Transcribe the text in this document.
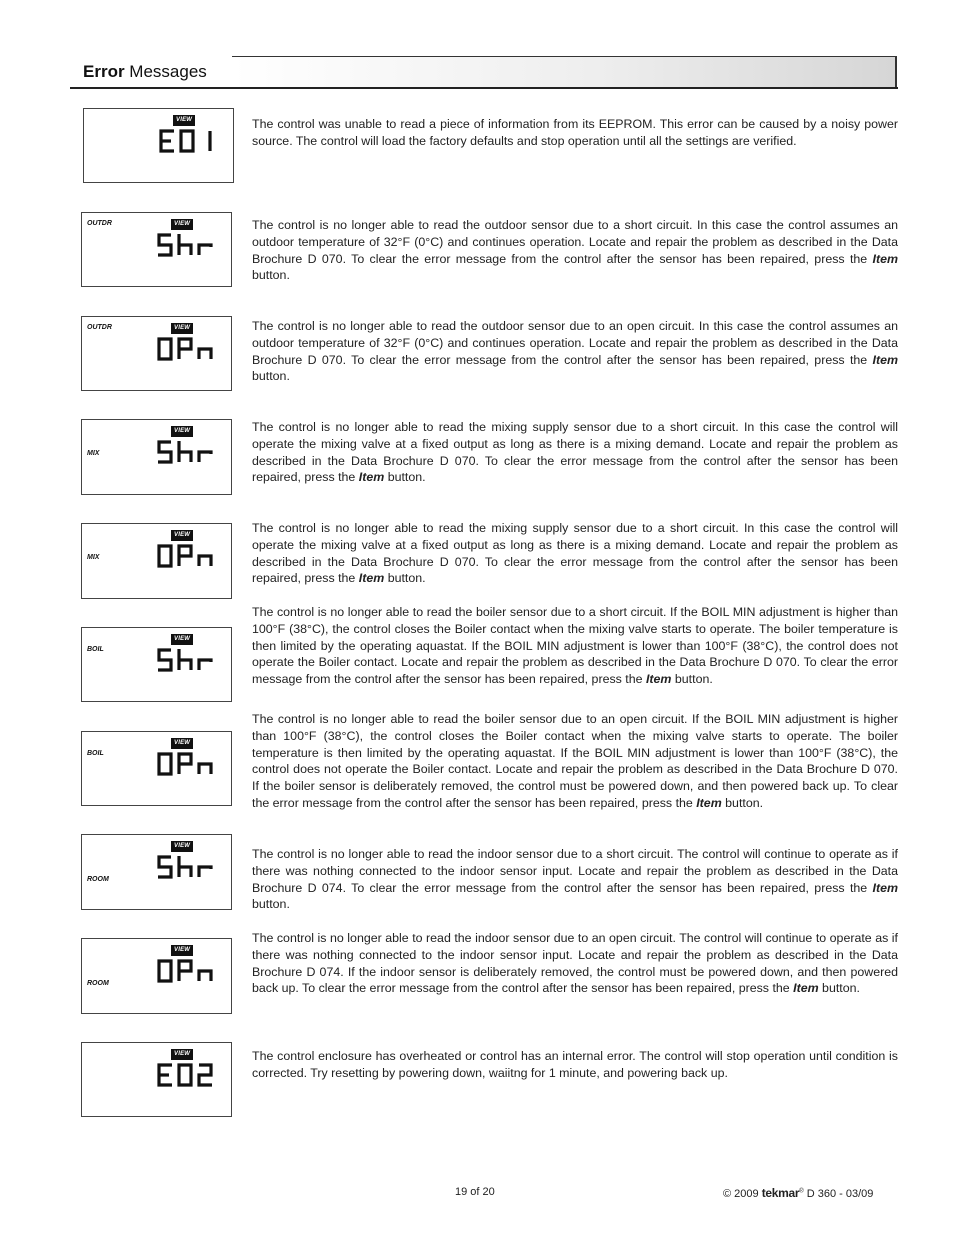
Error Messages
VIEW	The control was unable to read a piece of information from its EEPROM. This error can be caused by a noisy power source. The control will load the factory defaults and stop operation until all the settings are verified.
VIEW
OUTDR	The control is no longer able to read the outdoor sensor due to a short circuit. In this case the control assumes an outdoor temperature of 32°F (0°C) and continues operation. Locate and repair the problem as described in the Data Brochure D 070. To clear the error message from the control after the sensor has been repaired, press the Item button.
VIEW
OUTDR	The control is no longer able to read the outdoor sensor due to an open circuit. In this case the control assumes an outdoor temperature of 32°F (0°C) and continues operation. Locate and repair the problem as described in the Data Brochure D 070. To clear the error message from the control after the sensor has been repaired, press the Item button.
VIEW
MIX
The control is no longer able to read the mixing supply sensor due to a short circuit. In this case the control will operate the mixing valve at a fixed output as long as there is a mixing demand. Locate and repair the problem as described in the Data Brochure D 070. To clear the error message from the control after the sensor has been repaired, press the Item button.
VIEW
MIX
The control is no longer able to read the mixing supply sensor due to a short circuit. In this case the control will operate the mixing valve at a fixed output as long as there is a mixing demand. Locate and repair the problem as described in the Data Brochure D 070. To clear the error message from the control after the sensor has been repaired, press the Item button.
VIEW
BOIL
The control is no longer able to read the boiler sensor due to a short circuit. If the BOIL MIN adjustment is higher than 100°F (38°C), the control closes the Boiler contact when the mixing valve starts to operate. The boiler temperature is then limited by the operating aquastat. If the BOIL MIN adjustment is lower than 100°F (38°C), the control does not operate the Boiler contact. Locate and repair the problem as described in the Data Brochure D 070. To clear the error message from the control after the sensor has been repaired, press the Item button.
VIEW
BOIL
The control is no longer able to read the boiler sensor due to an open circuit. If the BOIL MIN adjustment is higher than 100°F (38°C), the control closes the Boiler contact when the mixing valve starts to operate. The boiler temperature is then limited by the operating aquastat. If the BOIL MIN adjustment is lower than 100°F (38°C), the control does not operate the Boiler contact. Locate and repair the problem as described in the Data Brochure D 070. If the boiler sensor is deliberately removed, the control must be powered down, and then powered back up. To clear the error message from the control after the sensor has been repaired, press the Item button.
VIEW
ROOM
The control is no longer able to read the indoor sensor due to a short circuit. The control will continue to operate as if there was nothing connected to the indoor sensor input. Locate and repair the problem as described in the Data Brochure D 074. To clear the error message from the control after the sensor has been repaired, press the Item button.
VIEW
ROOM
The control is no longer able to read the indoor sensor due to an open circuit. The control will continue to operate as if there was nothing connected to the indoor sensor input. Locate and repair the problem as described in the Data Brochure D 074. If the indoor sensor is deliberately removed, the control must be powered down, and then powered back up. To clear the error message from the control after the sensor has been repaired, press the Item button.
VIEW	The control enclosure has overheated or control has an internal error. The control will stop operation until condition is corrected. Try resetting by powering down, waiitng for 1 minute, and powering back up.
19 of 20	© 2009 tekmar® D 360 - 03/09
